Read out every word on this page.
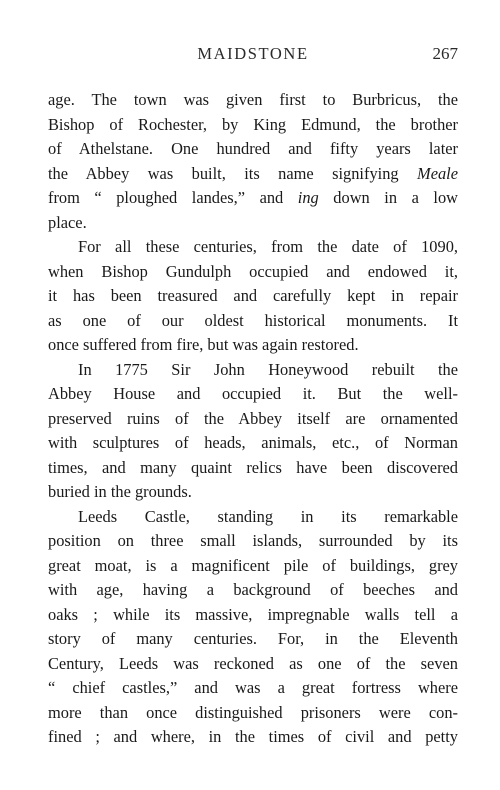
MAIDSTONE	267
age. The town was given first to Burbricus, the
Bishop of Rochester, by King Edmund, the brother
of Athelstane. One hundred and fifty years later
the Abbey was built, its name signifying Meale
from “ ploughed landes,” and ing down in a low
place.
For all these centuries, from the date of 1090,
when Bishop Gundulph occupied and endowed it,
it has been treasured and carefully kept in repair
as one of our oldest historical monuments. It
once suffered from fire, but was again restored.
In 1775 Sir John Honeywood rebuilt the
Abbey House and occupied it. But the well-
preserved ruins of the Abbey itself are ornamented
with sculptures of heads, animals, etc., of Norman
times, and many quaint relics have been discovered
buried in the grounds.
Leeds Castle, standing in its remarkable
position on three small islands, surrounded by its
great moat, is a magnificent pile of buildings, grey
with age, having a background of beeches and
oaks ; while its massive, impregnable walls tell a
story of many centuries. For, in the Eleventh
Century, Leeds was reckoned as one of the seven
“ chief castles,” and was a great fortress where
more than once distinguished prisoners were con-
fined ; and where, in the times of civil and petty
